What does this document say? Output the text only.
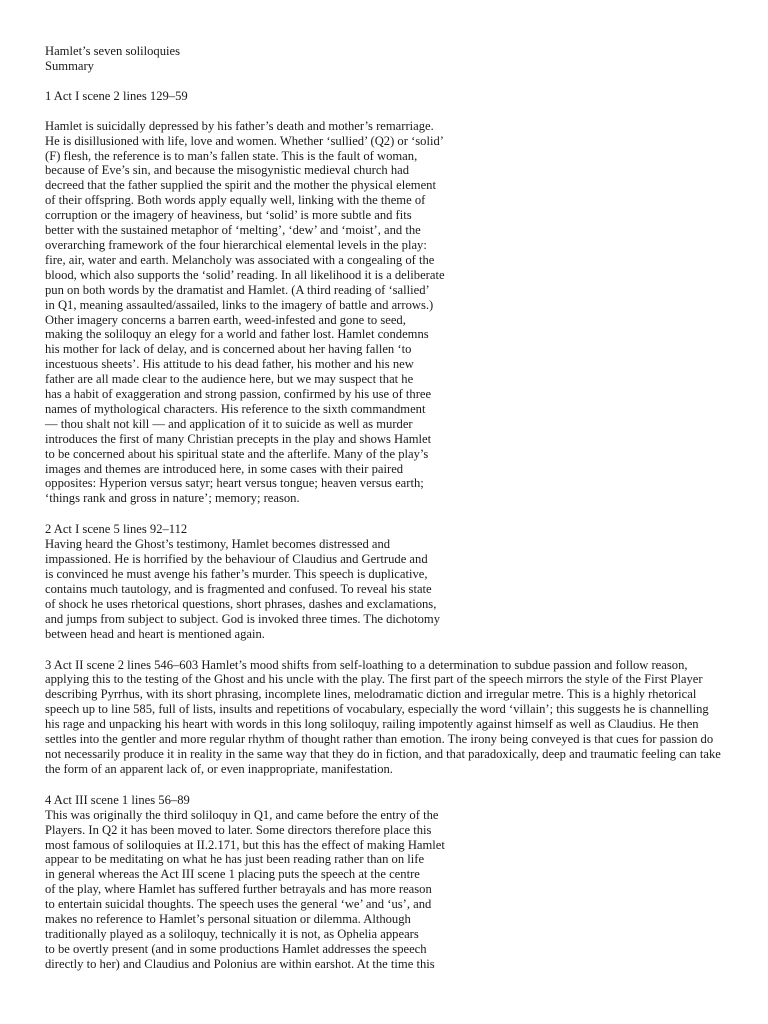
Hamlet’s seven soliloquies
Summary
1 Act I scene 2 lines 129–59
Hamlet is suicidally depressed by his father’s death and mother’s remarriage.
He is disillusioned with life, love and women. Whether ‘sullied’ (Q2) or ‘solid’
(F) flesh, the reference is to man’s fallen state. This is the fault of woman,
because of Eve’s sin, and because the misogynistic medieval church had
decreed that the father supplied the spirit and the mother the physical element
of their offspring. Both words apply equally well, linking with the theme of
corruption or the imagery of heaviness, but ‘solid’ is more subtle and fits
better with the sustained metaphor of ‘melting’, ‘dew’ and ‘moist’, and the
overarching framework of the four hierarchical elemental levels in the play:
fire, air, water and earth. Melancholy was associated with a congealing of the
blood, which also supports the ‘solid’ reading. In all likelihood it is a deliberate
pun on both words by the dramatist and Hamlet. (A third reading of ‘sallied’
in Q1, meaning assaulted/assailed, links to the imagery of battle and arrows.)
Other imagery concerns a barren earth, weed-infested and gone to seed,
making the soliloquy an elegy for a world and father lost. Hamlet condemns
his mother for lack of delay, and is concerned about her having fallen ‘to
incestuous sheets’. His attitude to his dead father, his mother and his new
father are all made clear to the audience here, but we may suspect that he
has a habit of exaggeration and strong passion, confirmed by his use of three
names of mythological characters. His reference to the sixth commandment
— thou shalt not kill — and application of it to suicide as well as murder
introduces the first of many Christian precepts in the play and shows Hamlet
to be concerned about his spiritual state and the afterlife. Many of the play’s
images and themes are introduced here, in some cases with their paired
opposites: Hyperion versus satyr; heart versus tongue; heaven versus earth;
‘things rank and gross in nature’; memory; reason.
2 Act I scene 5 lines 92–112
Having heard the Ghost’s testimony, Hamlet becomes distressed and
impassioned. He is horrified by the behaviour of Claudius and Gertrude and
is convinced he must avenge his father’s murder. This speech is duplicative,
contains much tautology, and is fragmented and confused. To reveal his state
of shock he uses rhetorical questions, short phrases, dashes and exclamations,
and jumps from subject to subject. God is invoked three times. The dichotomy
between head and heart is mentioned again.
3 Act II scene 2 lines 546–603 Hamlet’s mood shifts from self-loathing to a determination to subdue passion and follow reason,
applying this to the testing of the Ghost and his uncle with the play. The first part of the speech mirrors the style of the First Player
describing Pyrrhus, with its short phrasing, incomplete lines, melodramatic diction and irregular metre. This is a highly rhetorical
speech up to line 585, full of lists, insults and repetitions of vocabulary, especially the word ‘villain’; this suggests he is channelling
his rage and unpacking his heart with words in this long soliloquy, railing impotently against himself as well as Claudius. He then
settles into the gentler and more regular rhythm of thought rather than emotion. The irony being conveyed is that cues for passion do
not necessarily produce it in reality in the same way that they do in fiction, and that paradoxically, deep and traumatic feeling can take
the form of an apparent lack of, or even inappropriate, manifestation.
4 Act III scene 1 lines 56–89
This was originally the third soliloquy in Q1, and came before the entry of the
Players. In Q2 it has been moved to later. Some directors therefore place this
most famous of soliloquies at II.2.171, but this has the effect of making Hamlet
appear to be meditating on what he has just been reading rather than on life
in general whereas the Act III scene 1 placing puts the speech at the centre
of the play, where Hamlet has suffered further betrayals and has more reason
to entertain suicidal thoughts. The speech uses the general ‘we’ and ‘us’, and
makes no reference to Hamlet’s personal situation or dilemma. Although
traditionally played as a soliloquy, technically it is not, as Ophelia appears
to be overtly present (and in some productions Hamlet addresses the speech
directly to her) and Claudius and Polonius are within earshot. At the time this
